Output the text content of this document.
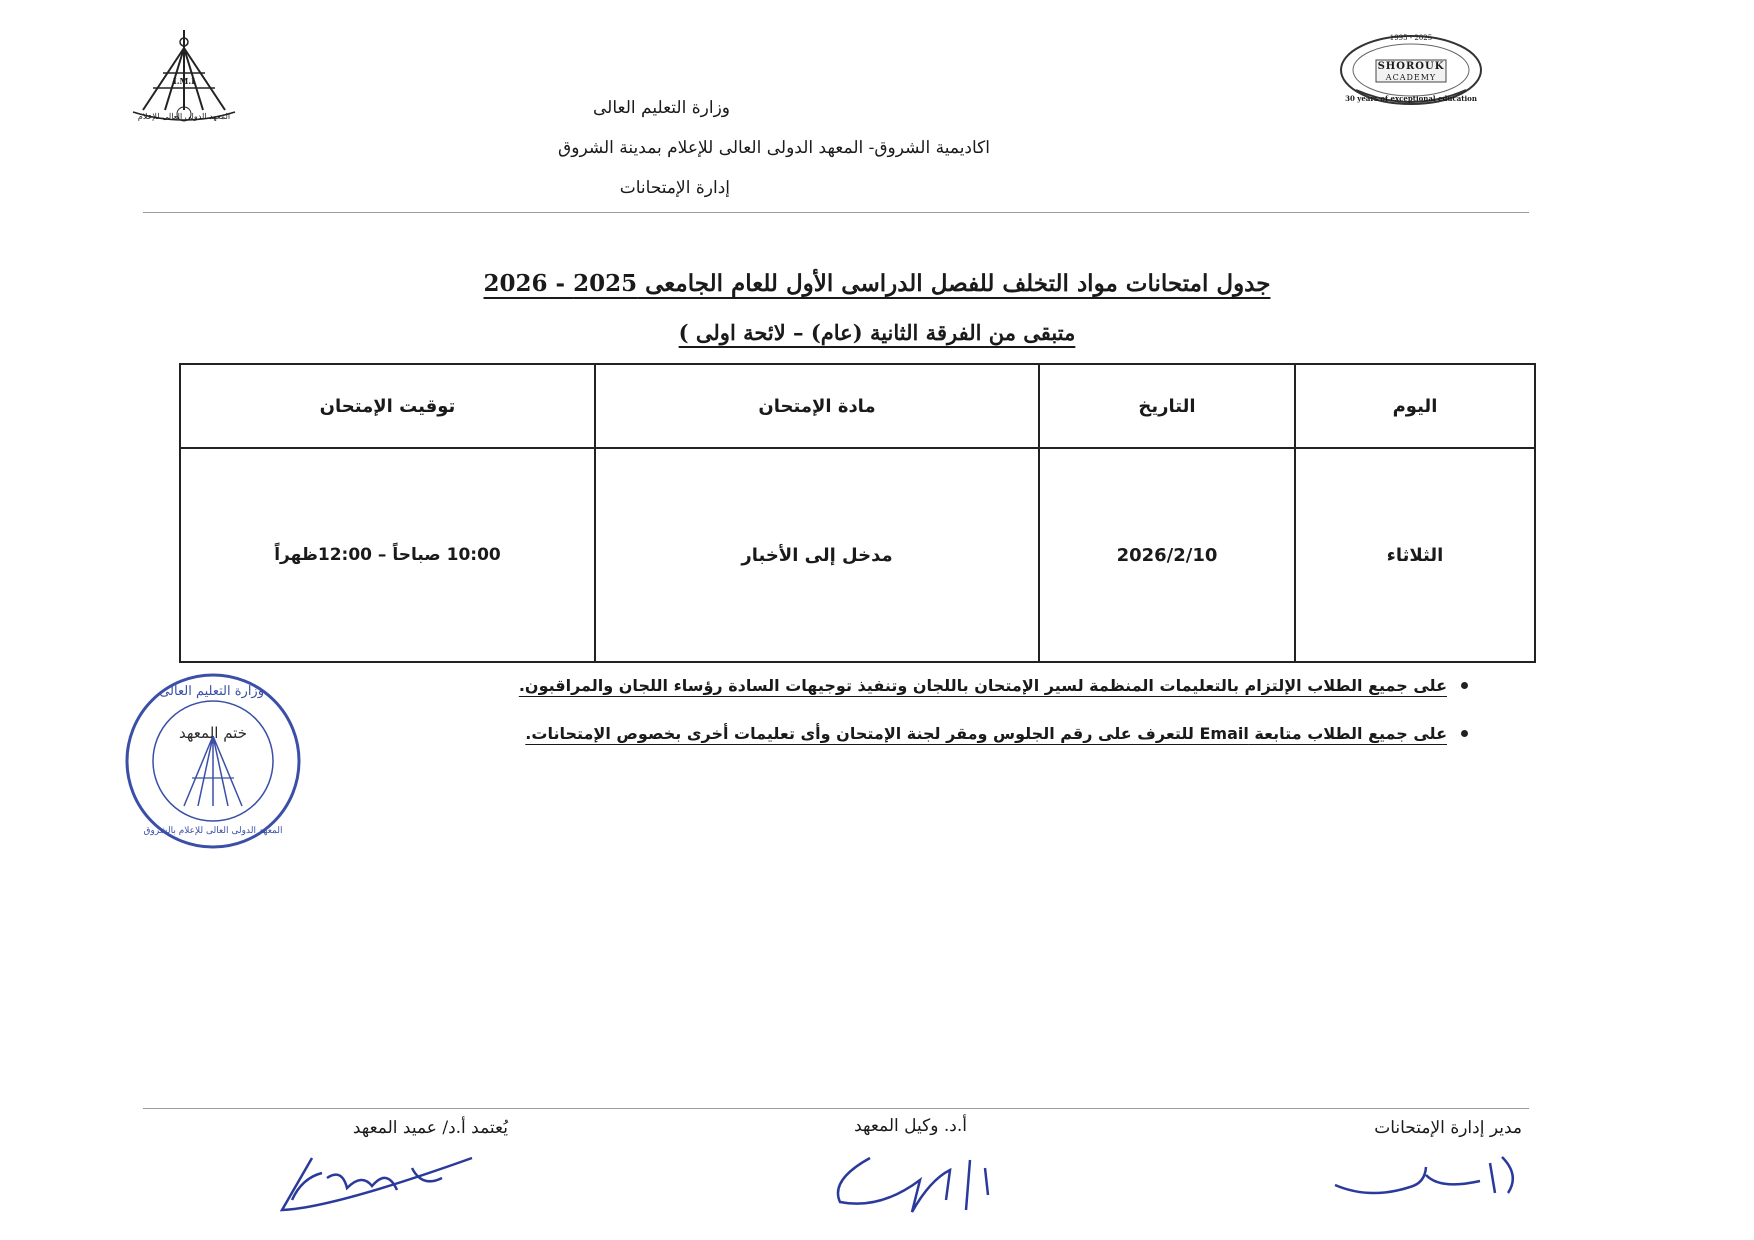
I.M.I
المعهد الدولى العالى للإعلام
1995 - 2025
SHOROUK
ACADEMY
30 years of exceptional education
وزارة التعليم العالى
اكاديمية الشروق- المعهد الدولى العالى للإعلام بمدينة الشروق
إدارة الإمتحانات
جدول امتحانات مواد التخلف للفصل الدراسى الأول للعام الجامعى 2025 - 2026
متبقى من الفرقة الثانية (عام) – لائحة اولى )
اليوم	التاريخ	مادة الإمتحان	توقيت الإمتحان
الثلاثاء	2026/2/10	مدخل إلى الأخبار	10:00 صباحاً – 12:00ظهراً
على جميع الطلاب الإلتزام بالتعليمات المنظمة لسير الإمتحان باللجان وتنفيذ توجيهات السادة رؤساء اللجان والمراقبون.
على جميع الطلاب متابعة Email للتعرف على رقم الجلوس ومقر لجنة الإمتحان وأى تعليمات أخرى بخصوص الإمتحانات.
وزارة التعليم العالى
ختم المعهد
المعهد الدولى العالى للإعلام بالشروق
مدير إدارة الإمتحانات
أ.د. وكيل المعهد
يُعتمد أ.د/ عميد المعهد
